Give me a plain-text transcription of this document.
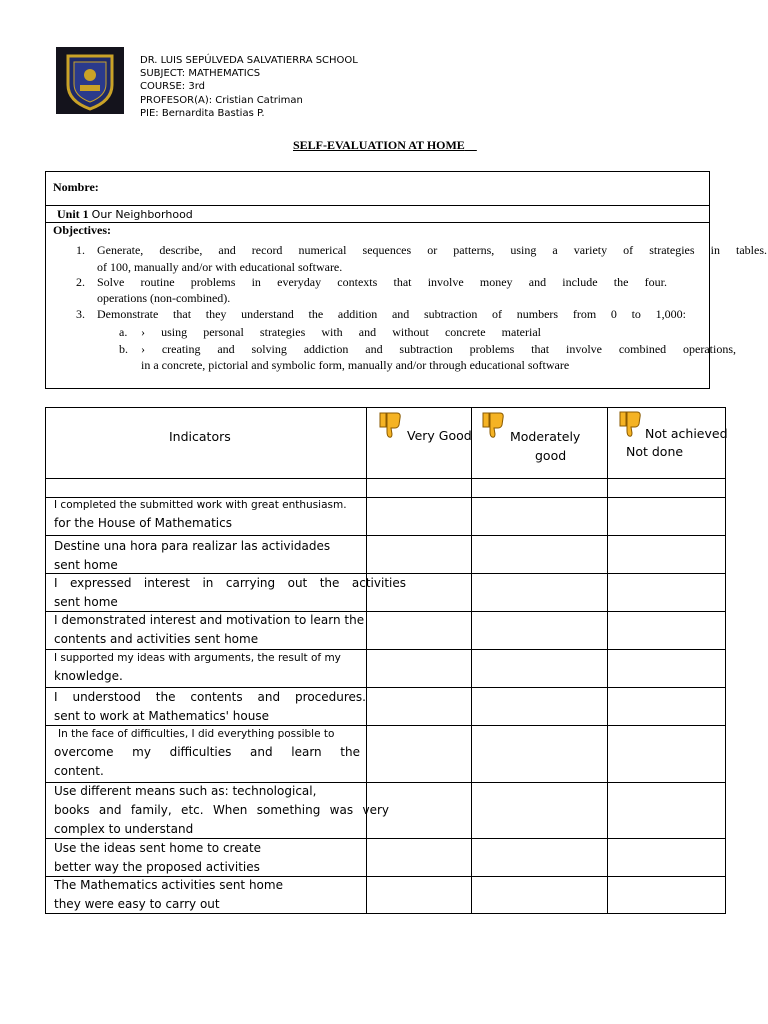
DR. LUIS SEPÚLVEDA SALVATIERRA SCHOOL
SUBJECT: MATHEMATICS
COURSE: 3rd
PROFESOR(A): Cristian Catriman
PIE: Bernardita Bastias P.
SELF-EVALUATION AT HOME
Nombre:
Unit 1 Our Neighborhood
Objectives:
1. Generate, describe, and record numerical sequences or patterns, using a variety of strategies in tables.
of 100, manually and/or with educational software.
2. Solve routine problems in everyday contexts that involve money and include the four.
operations (non-combined).
3. Demonstrate that they understand the addition and subtraction of numbers from 0 to 1,000:
a. › using personal strategies with and without concrete material
b. › creating and solving addiction and subtraction problems that involve combined operations,
in a concrete, pictorial and symbolic form, manually and/or through educational software
Indicators	Very Good	Moderately
good
Not achieved
Not done
I completed the submitted work with great enthusiasm.
for the House of Mathematics
Destine una hora para realizar las actividades
sent home
I expressed interest in carrying out the activities
sent home
I demonstrated interest and motivation to learn the
contents and activities sent home
I supported my ideas with arguments, the result of my
knowledge.
I understood the contents and procedures.
sent to work at Mathematics' house
In the face of difficulties, I did everything possible to
overcome my difficulties and learn the
content.
Use different means such as: technological,
books and family, etc. When something was very
complex to understand
Use the ideas sent home to create
better way the proposed activities
The Mathematics activities sent home
they were easy to carry out
